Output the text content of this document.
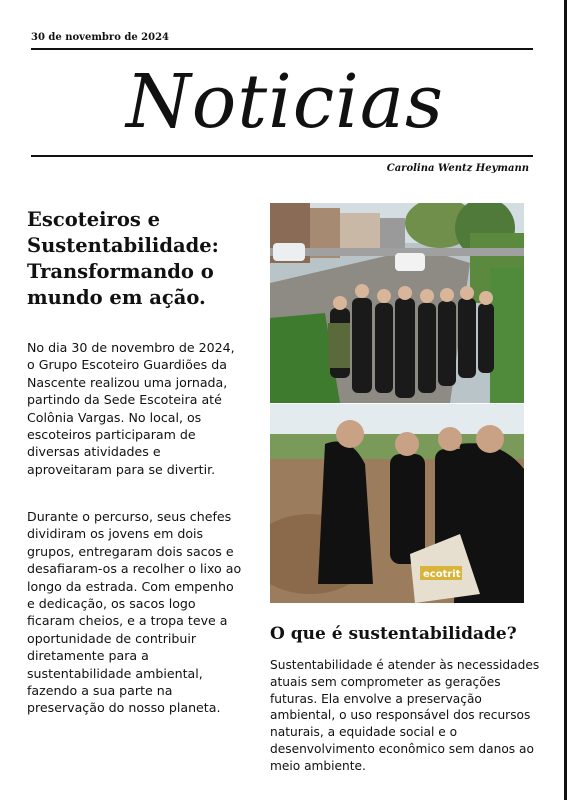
30 de novembro de 2024
Noticias
Carolina Wentz Heymann
Escoteiros e Sustentabilidade: Transformando o mundo em ação.
No dia 30 de novembro de 2024, o Grupo Escoteiro Guardiões da Nascente realizou uma jornada, partindo da Sede Escoteira até Colônia Vargas. No local, os escoteiros participaram de diversas atividades e aproveitaram para se divertir.
Durante o percurso, seus chefes dividiram os jovens em dois grupos, entregaram dois sacos e desafiaram-os a recolher o lixo ao longo da estrada. Com empenho e dedicação, os sacos logo ficaram cheios, e a tropa teve a oportunidade de contribuir diretamente para a sustentabilidade ambiental, fazendo a sua parte na preservação do nosso planeta.
ecotrit
O que é sustentabilidade?
Sustentabilidade é atender às necessidades atuais sem comprometer as gerações futuras. Ela envolve a preservação ambiental, o uso responsável dos recursos naturais, a equidade social e o desenvolvimento econômico sem danos ao meio ambiente.
